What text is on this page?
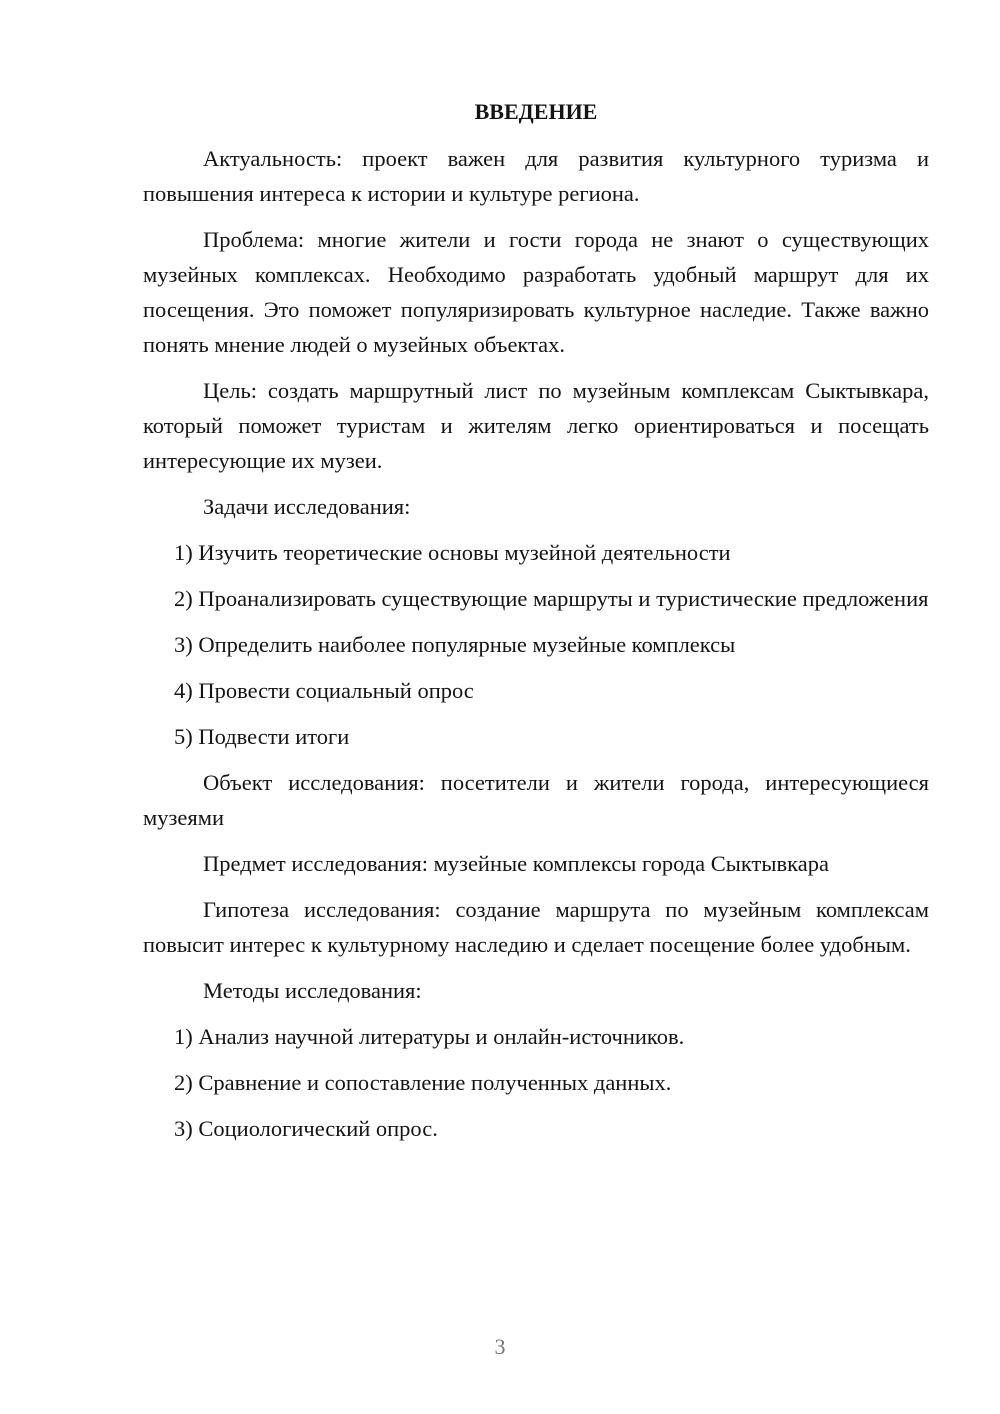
ВВЕДЕНИЕ

Актуальность: проект важен для развития культурного туризма и повышения интереса к истории и культуре региона.

Проблема: многие жители и гости города не знают о существующих музейных комплексах. Необходимо разработать удобный маршрут для их посещения. Это поможет популяризировать культурное наследие. Также важно понять мнение людей о музейных объектах.

Цель: создать маршрутный лист по музейным комплексам Сыктывкара, который поможет туристам и жителям легко ориентироваться и посещать интересующие их музеи.

Задачи исследования:

1) Изучить теоретические основы музейной деятельности

2) Проанализировать существующие маршруты и туристические предложения

3) Определить наиболее популярные музейные комплексы

4) Провести социальный опрос

5) Подвести итоги

Объект исследования: посетители и жители города, интересующиеся музеями

Предмет исследования: музейные комплексы города Сыктывкара

Гипотеза исследования: создание маршрута по музейным комплексам повысит интерес к культурному наследию и сделает посещение более удобным.

Методы исследования:

1) Анализ научной литературы и онлайн-источников.

2) Сравнение и сопоставление полученных данных.

3) Социологический опрос.

3
